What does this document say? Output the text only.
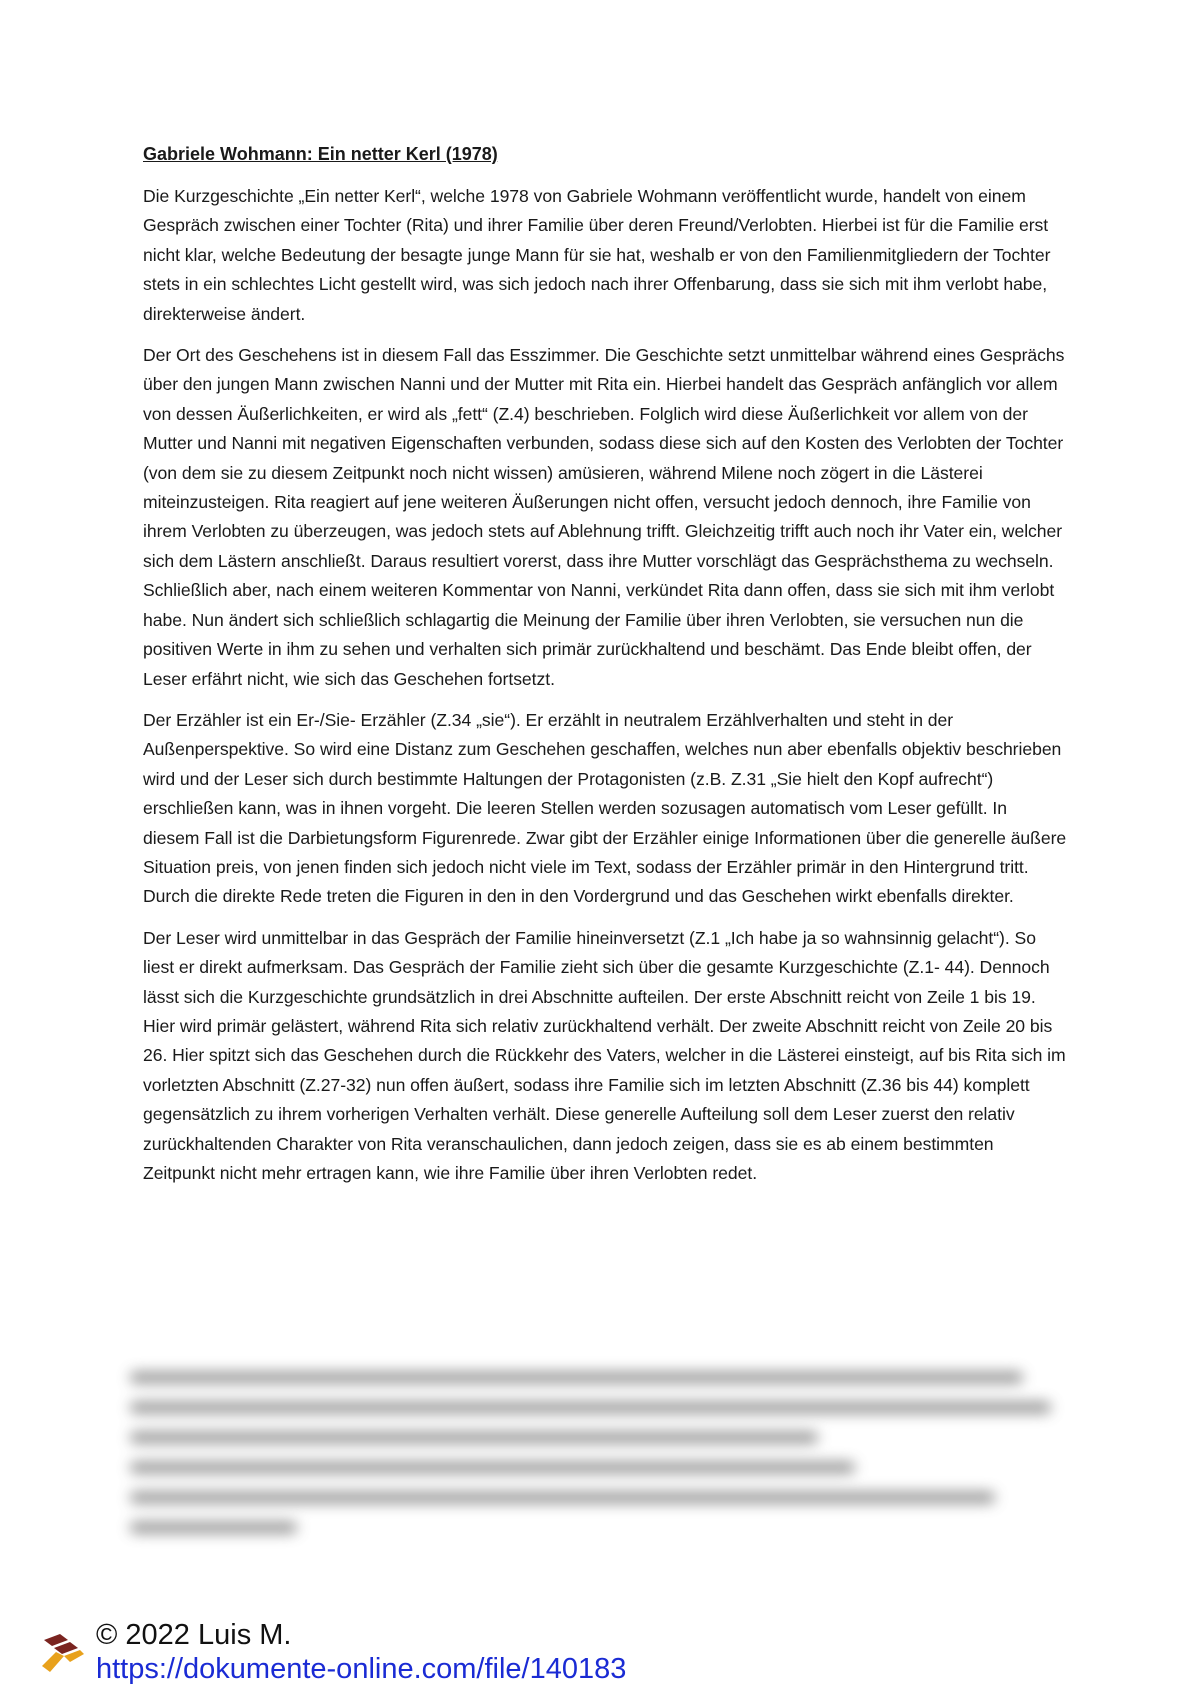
Gabriele Wohmann: Ein netter Kerl (1978)

Die Kurzgeschichte „Ein netter Kerl“, welche 1978 von Gabriele Wohmann veröffentlicht wurde, handelt von einem Gespräch zwischen einer Tochter (Rita) und ihrer Familie über deren Freund/Verlobten. Hierbei ist für die Familie erst nicht klar, welche Bedeutung der besagte junge Mann für sie hat, weshalb er von den Familienmitgliedern der Tochter stets in ein schlechtes Licht gestellt wird, was sich jedoch nach ihrer Offenbarung, dass sie sich mit ihm verlobt habe, direkterweise ändert.

Der Ort des Geschehens ist in diesem Fall das Esszimmer. Die Geschichte setzt unmittelbar während eines Gesprächs über den jungen Mann zwischen Nanni und der Mutter mit Rita ein. Hierbei handelt das Gespräch anfänglich vor allem von dessen Äußerlichkeiten, er wird als „fett“ (Z.4) beschrieben. Folglich wird diese Äußerlichkeit vor allem von der Mutter und Nanni mit negativen Eigenschaften verbunden, sodass diese sich auf den Kosten des Verlobten der Tochter (von dem sie zu diesem Zeitpunkt noch nicht wissen) amüsieren, während Milene noch zögert in die Lästerei miteinzusteigen. Rita reagiert auf jene weiteren Äußerungen nicht offen, versucht jedoch dennoch, ihre Familie von ihrem Verlobten zu überzeugen, was jedoch stets auf Ablehnung trifft. Gleichzeitig trifft auch noch ihr Vater ein, welcher sich dem Lästern anschließt. Daraus resultiert vorerst, dass ihre Mutter vorschlägt das Gesprächsthema zu wechseln. Schließlich aber, nach einem weiteren Kommentar von Nanni, verkündet Rita dann offen, dass sie sich mit ihm verlobt habe. Nun ändert sich schließlich schlagartig die Meinung der Familie über ihren Verlobten, sie versuchen nun die positiven Werte in ihm zu sehen und verhalten sich primär zurückhaltend und beschämt. Das Ende bleibt offen, der Leser erfährt nicht, wie sich das Geschehen fortsetzt.

Der Erzähler ist ein Er-/Sie- Erzähler (Z.34 „sie“). Er erzählt in neutralem Erzählverhalten und steht in der Außenperspektive. So wird eine Distanz zum Geschehen geschaffen, welches nun aber ebenfalls objektiv beschrieben wird und der Leser sich durch bestimmte Haltungen der Protagonisten (z.B. Z.31 „Sie hielt den Kopf aufrecht“) erschließen kann, was in ihnen vorgeht. Die leeren Stellen werden sozusagen automatisch vom Leser gefüllt. In diesem Fall ist die Darbietungsform Figurenrede. Zwar gibt der Erzähler einige Informationen über die generelle äußere Situation preis, von jenen finden sich jedoch nicht viele im Text, sodass der Erzähler primär in den Hintergrund tritt. Durch die direkte Rede treten die Figuren in den in den Vordergrund und das Geschehen wirkt ebenfalls direkter.

Der Leser wird unmittelbar in das Gespräch der Familie hineinversetzt (Z.1 „Ich habe ja so wahnsinnig gelacht“). So liest er direkt aufmerksam. Das Gespräch der Familie zieht sich über die gesamte Kurzgeschichte (Z.1- 44). Dennoch lässt sich die Kurzgeschichte grundsätzlich in drei Abschnitte aufteilen. Der erste Abschnitt reicht von Zeile 1 bis 19. Hier wird primär gelästert, während Rita sich relativ zurückhaltend verhält. Der zweite Abschnitt reicht von Zeile 20 bis 26. Hier spitzt sich das Geschehen durch die Rückkehr des Vaters, welcher in die Lästerei einsteigt, auf bis Rita sich im vorletzten Abschnitt (Z.27-32) nun offen äußert, sodass ihre Familie sich im letzten Abschnitt (Z.36 bis 44) komplett gegensätzlich zu ihrem vorherigen Verhalten verhält. Diese generelle Aufteilung soll dem Leser zuerst den relativ zurückhaltenden Charakter von Rita veranschaulichen, dann jedoch zeigen, dass sie es ab einem bestimmten Zeitpunkt nicht mehr ertragen kann, wie ihre Familie über ihren Verlobten redet.

© 2022 Luis M.
https://dokumente-online.com/file/140183
